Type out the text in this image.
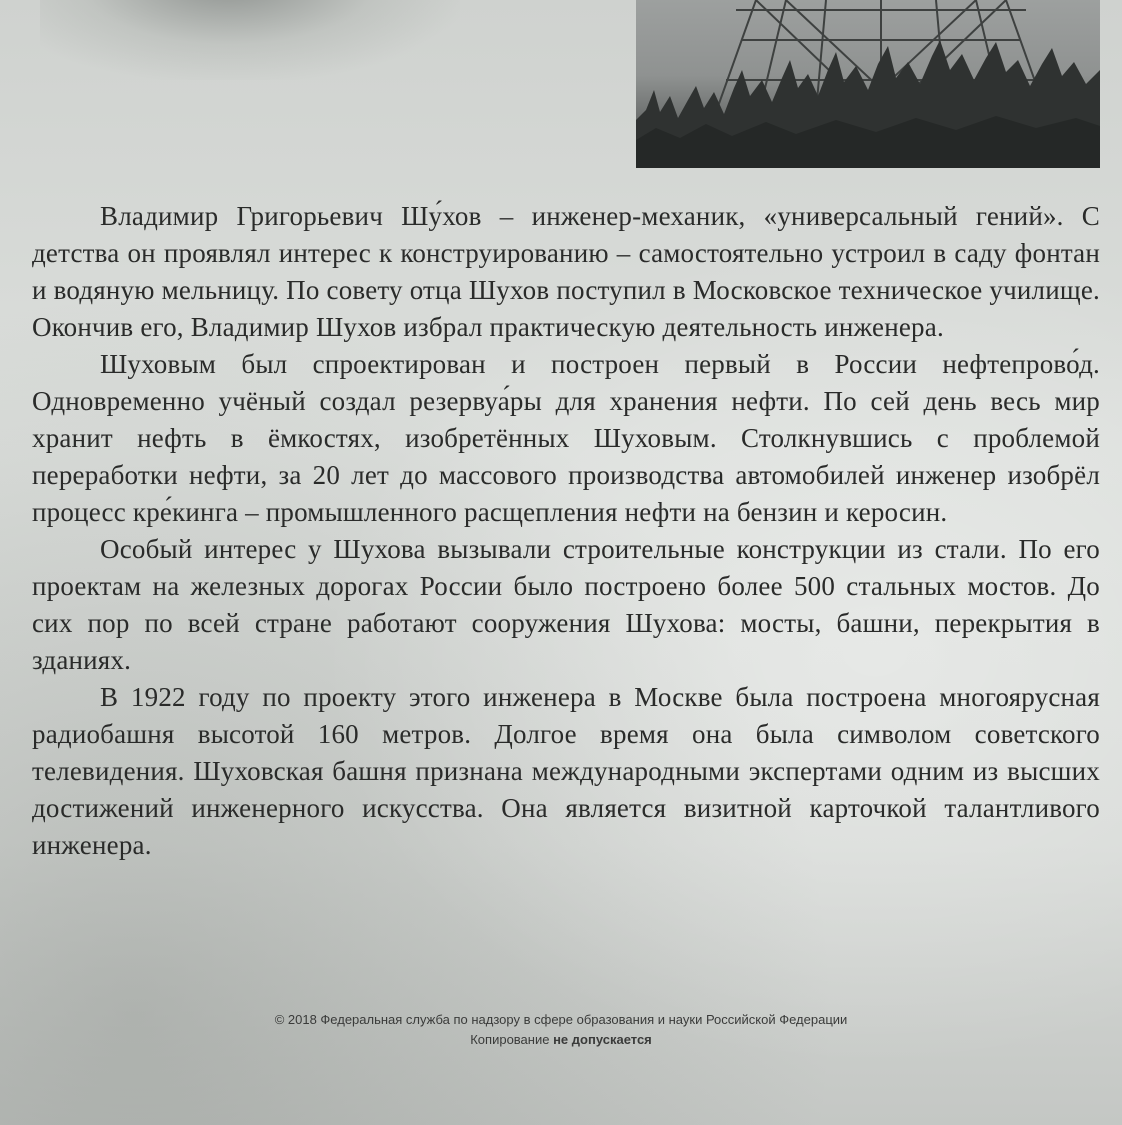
Владимир Григорьевич Шу́хов – инженер-механик, «универсальный гений». С детства он проявлял интерес к конструированию – самостоятельно устроил в саду фонтан и водяную мельницу. По совету отца Шухов поступил в Московское техническое училище. Окончив его, Владимир Шухов избрал практическую деятельность инженера.

Шуховым был спроектирован и построен первый в России нефтепрово́д. Одновременно учёный создал резервуа́ры для хранения нефти. По сей день весь мир хранит нефть в ёмкостях, изобретённых Шуховым. Столкнувшись с проблемой переработки нефти, за 20 лет до массового производства автомобилей инженер изобрёл процесс кре́кинга – промышленного расщепления нефти на бензин и керосин.

Особый интерес у Шухова вызывали строительные конструкции из стали. По его проектам на железных дорогах России было построено более 500 стальных мостов. До сих пор по всей стране работают сооружения Шухова: мосты, башни, перекрытия в зданиях.

В 1922 году по проекту этого инженера в Москве была построена многоярусная радиобашня высотой 160 метров. Долгое время она была символом советского телевидения. Шуховская башня признана международными экспертами одним из высших достижений инженерного искусства. Она является визитной карточкой талантливого инженера.

© 2018 Федеральная служба по надзору в сфере образования и науки Российской Федерации
Копирование не допускается
